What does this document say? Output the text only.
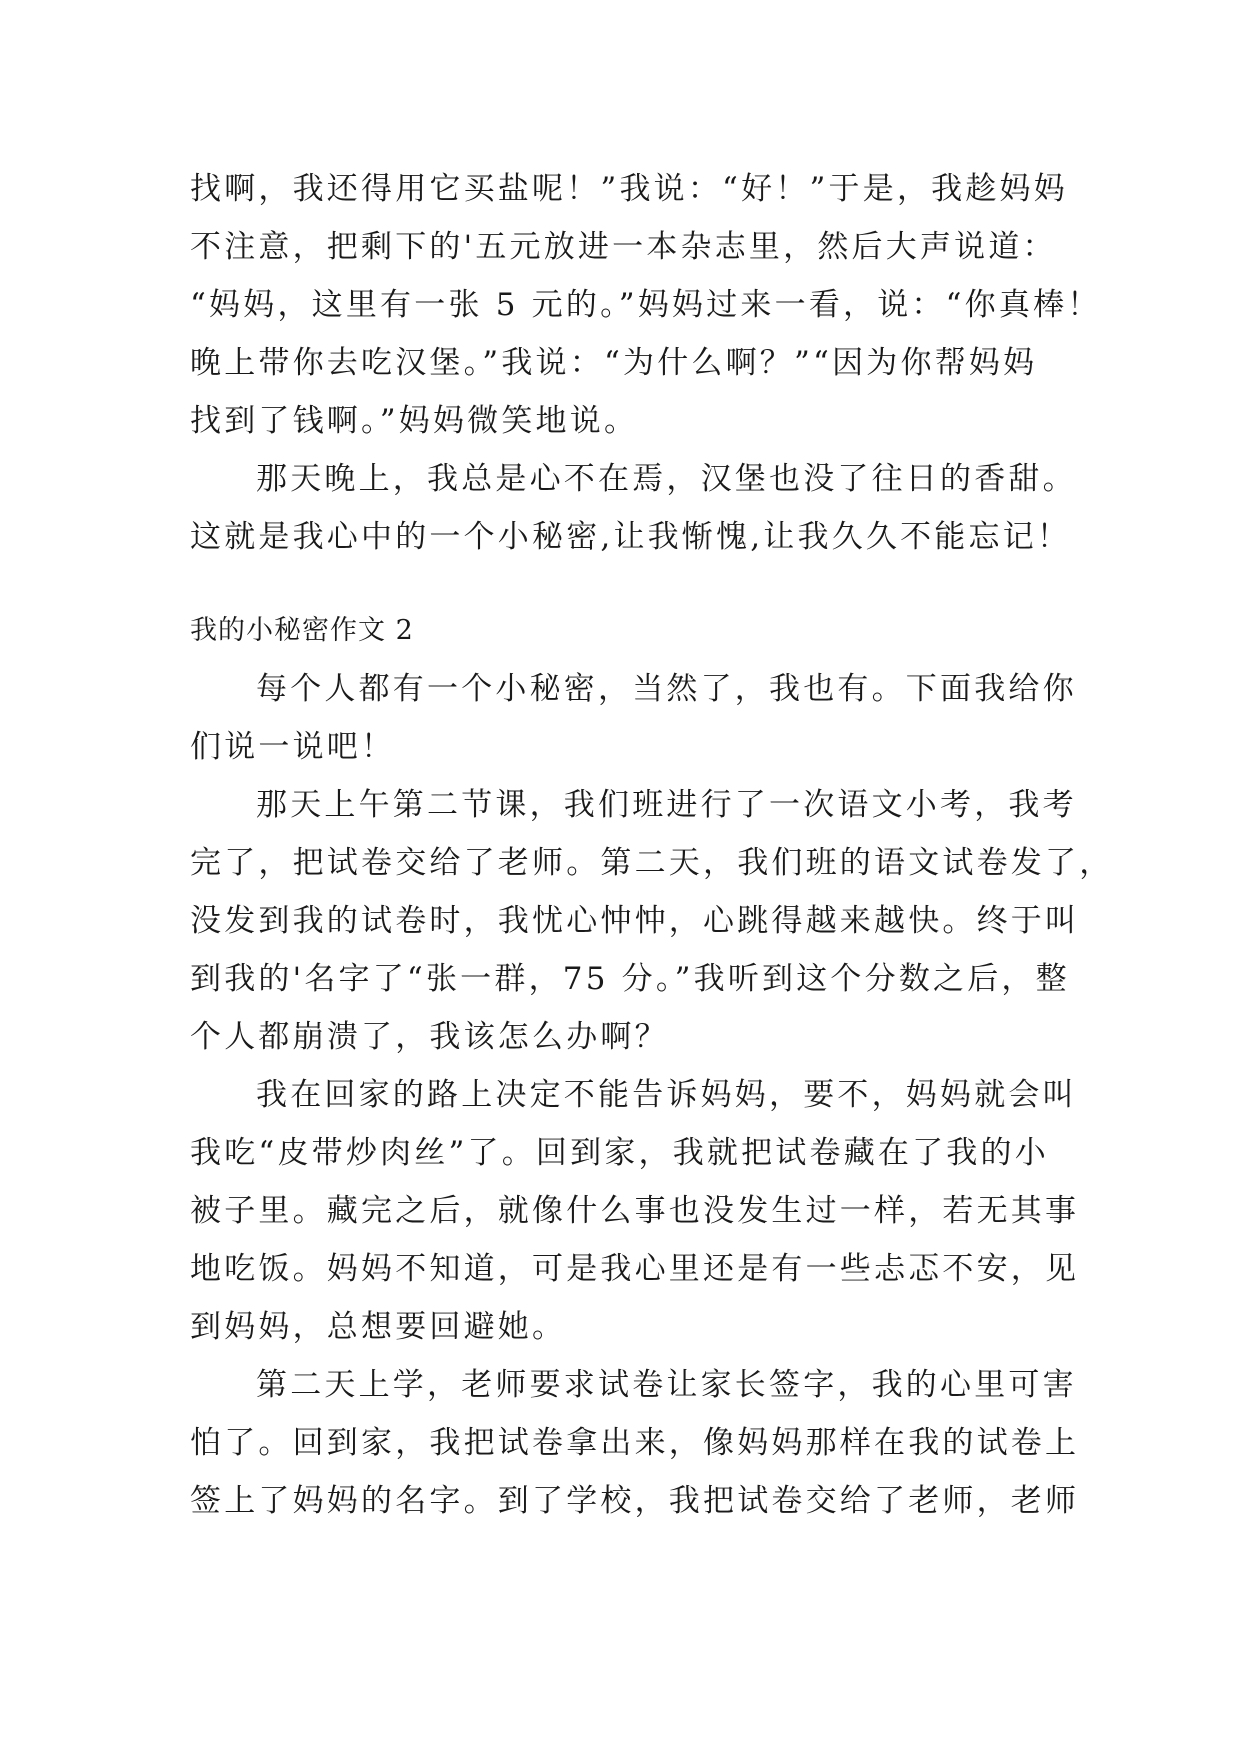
找啊，我还得用它买盐呢！”我说：“好！”于是，我趁妈妈
不注意，把剩下的'五元放进一本杂志里，然后大声说道：
“妈妈，这里有一张 5 元的。”妈妈过来一看，说：“你真棒！
晚上带你去吃汉堡。”我说：“为什么啊？”“因为你帮妈妈
找到了钱啊。”妈妈微笑地说。
那天晚上，我总是心不在焉，汉堡也没了往日的香甜。
这就是我心中的一个小秘密,让我惭愧,让我久久不能忘记！
我的小秘密作文 2
每个人都有一个小秘密，当然了，我也有。下面我给你
们说一说吧！
那天上午第二节课，我们班进行了一次语文小考，我考
完了，把试卷交给了老师。第二天，我们班的语文试卷发了，
没发到我的试卷时，我忧心忡忡，心跳得越来越快。终于叫
到我的'名字了“张一群，75 分。”我听到这个分数之后，整
个人都崩溃了，我该怎么办啊？
我在回家的路上决定不能告诉妈妈，要不，妈妈就会叫
我吃“皮带炒肉丝”了。回到家，我就把试卷藏在了我的小
被子里。藏完之后，就像什么事也没发生过一样，若无其事
地吃饭。妈妈不知道，可是我心里还是有一些忐忑不安，见
到妈妈，总想要回避她。
第二天上学，老师要求试卷让家长签字，我的心里可害
怕了。回到家，我把试卷拿出来，像妈妈那样在我的试卷上
签上了妈妈的名字。到了学校，我把试卷交给了老师，老师
